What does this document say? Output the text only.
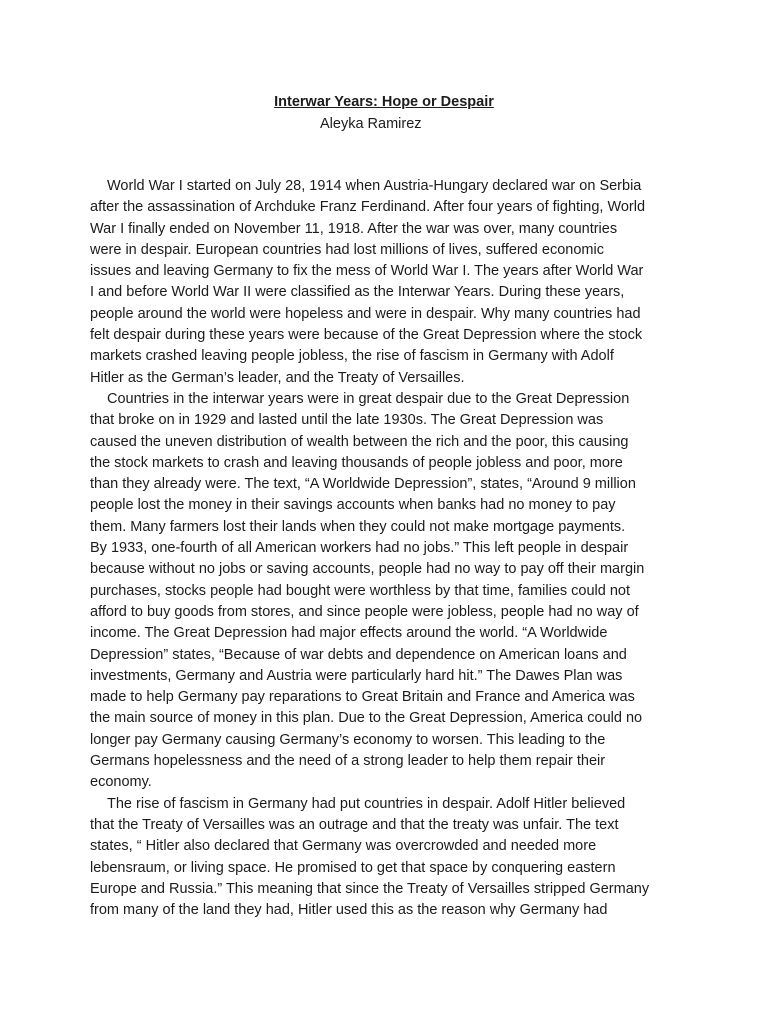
Interwar Years: Hope or Despair
Aleyka Ramirez
World War I started on July 28, 1914 when Austria-Hungary declared war on Serbia
after the assassination of Archduke Franz Ferdinand. After four years of fighting, World
War I finally ended on November 11, 1918. After the war was over, many countries
were in despair. European countries had lost millions of lives, suffered economic
issues and leaving Germany to fix the mess of World War I. The years after World War
I and before World War II were classified as the Interwar Years. During these years,
people around the world were hopeless and were in despair. Why many countries had
felt despair during these years were because of the Great Depression where the stock
markets crashed leaving people jobless, the rise of fascism in Germany with Adolf
Hitler as the German’s leader, and the Treaty of Versailles.
Countries in the interwar years were in great despair due to the Great Depression
that broke on in 1929 and lasted until the late 1930s. The Great Depression was
caused the uneven distribution of wealth between the rich and the poor, this causing
the stock markets to crash and leaving thousands of people jobless and poor, more
than they already were. The text, “A Worldwide Depression”, states, “Around 9 million
people lost the money in their savings accounts when banks had no money to pay
them. Many farmers lost their lands when they could not make mortgage payments.
By 1933, one-fourth of all American workers had no jobs.” This left people in despair
because without no jobs or saving accounts, people had no way to pay off their margin
purchases, stocks people had bought were worthless by that time, families could not
afford to buy goods from stores, and since people were jobless, people had no way of
income. The Great Depression had major effects around the world. “A Worldwide
Depression” states, “Because of war debts and dependence on American loans and
investments, Germany and Austria were particularly hard hit.” The Dawes Plan was
made to help Germany pay reparations to Great Britain and France and America was
the main source of money in this plan. Due to the Great Depression, America could no
longer pay Germany causing Germany’s economy to worsen. This leading to the
Germans hopelessness and the need of a strong leader to help them repair their
economy.
The rise of fascism in Germany had put countries in despair. Adolf Hitler believed
that the Treaty of Versailles was an outrage and that the treaty was unfair. The text
states, “ Hitler also declared that Germany was overcrowded and needed more
lebensraum, or living space. He promised to get that space by conquering eastern
Europe and Russia.” This meaning that since the Treaty of Versailles stripped Germany
from many of the land they had, Hitler used this as the reason why Germany had
